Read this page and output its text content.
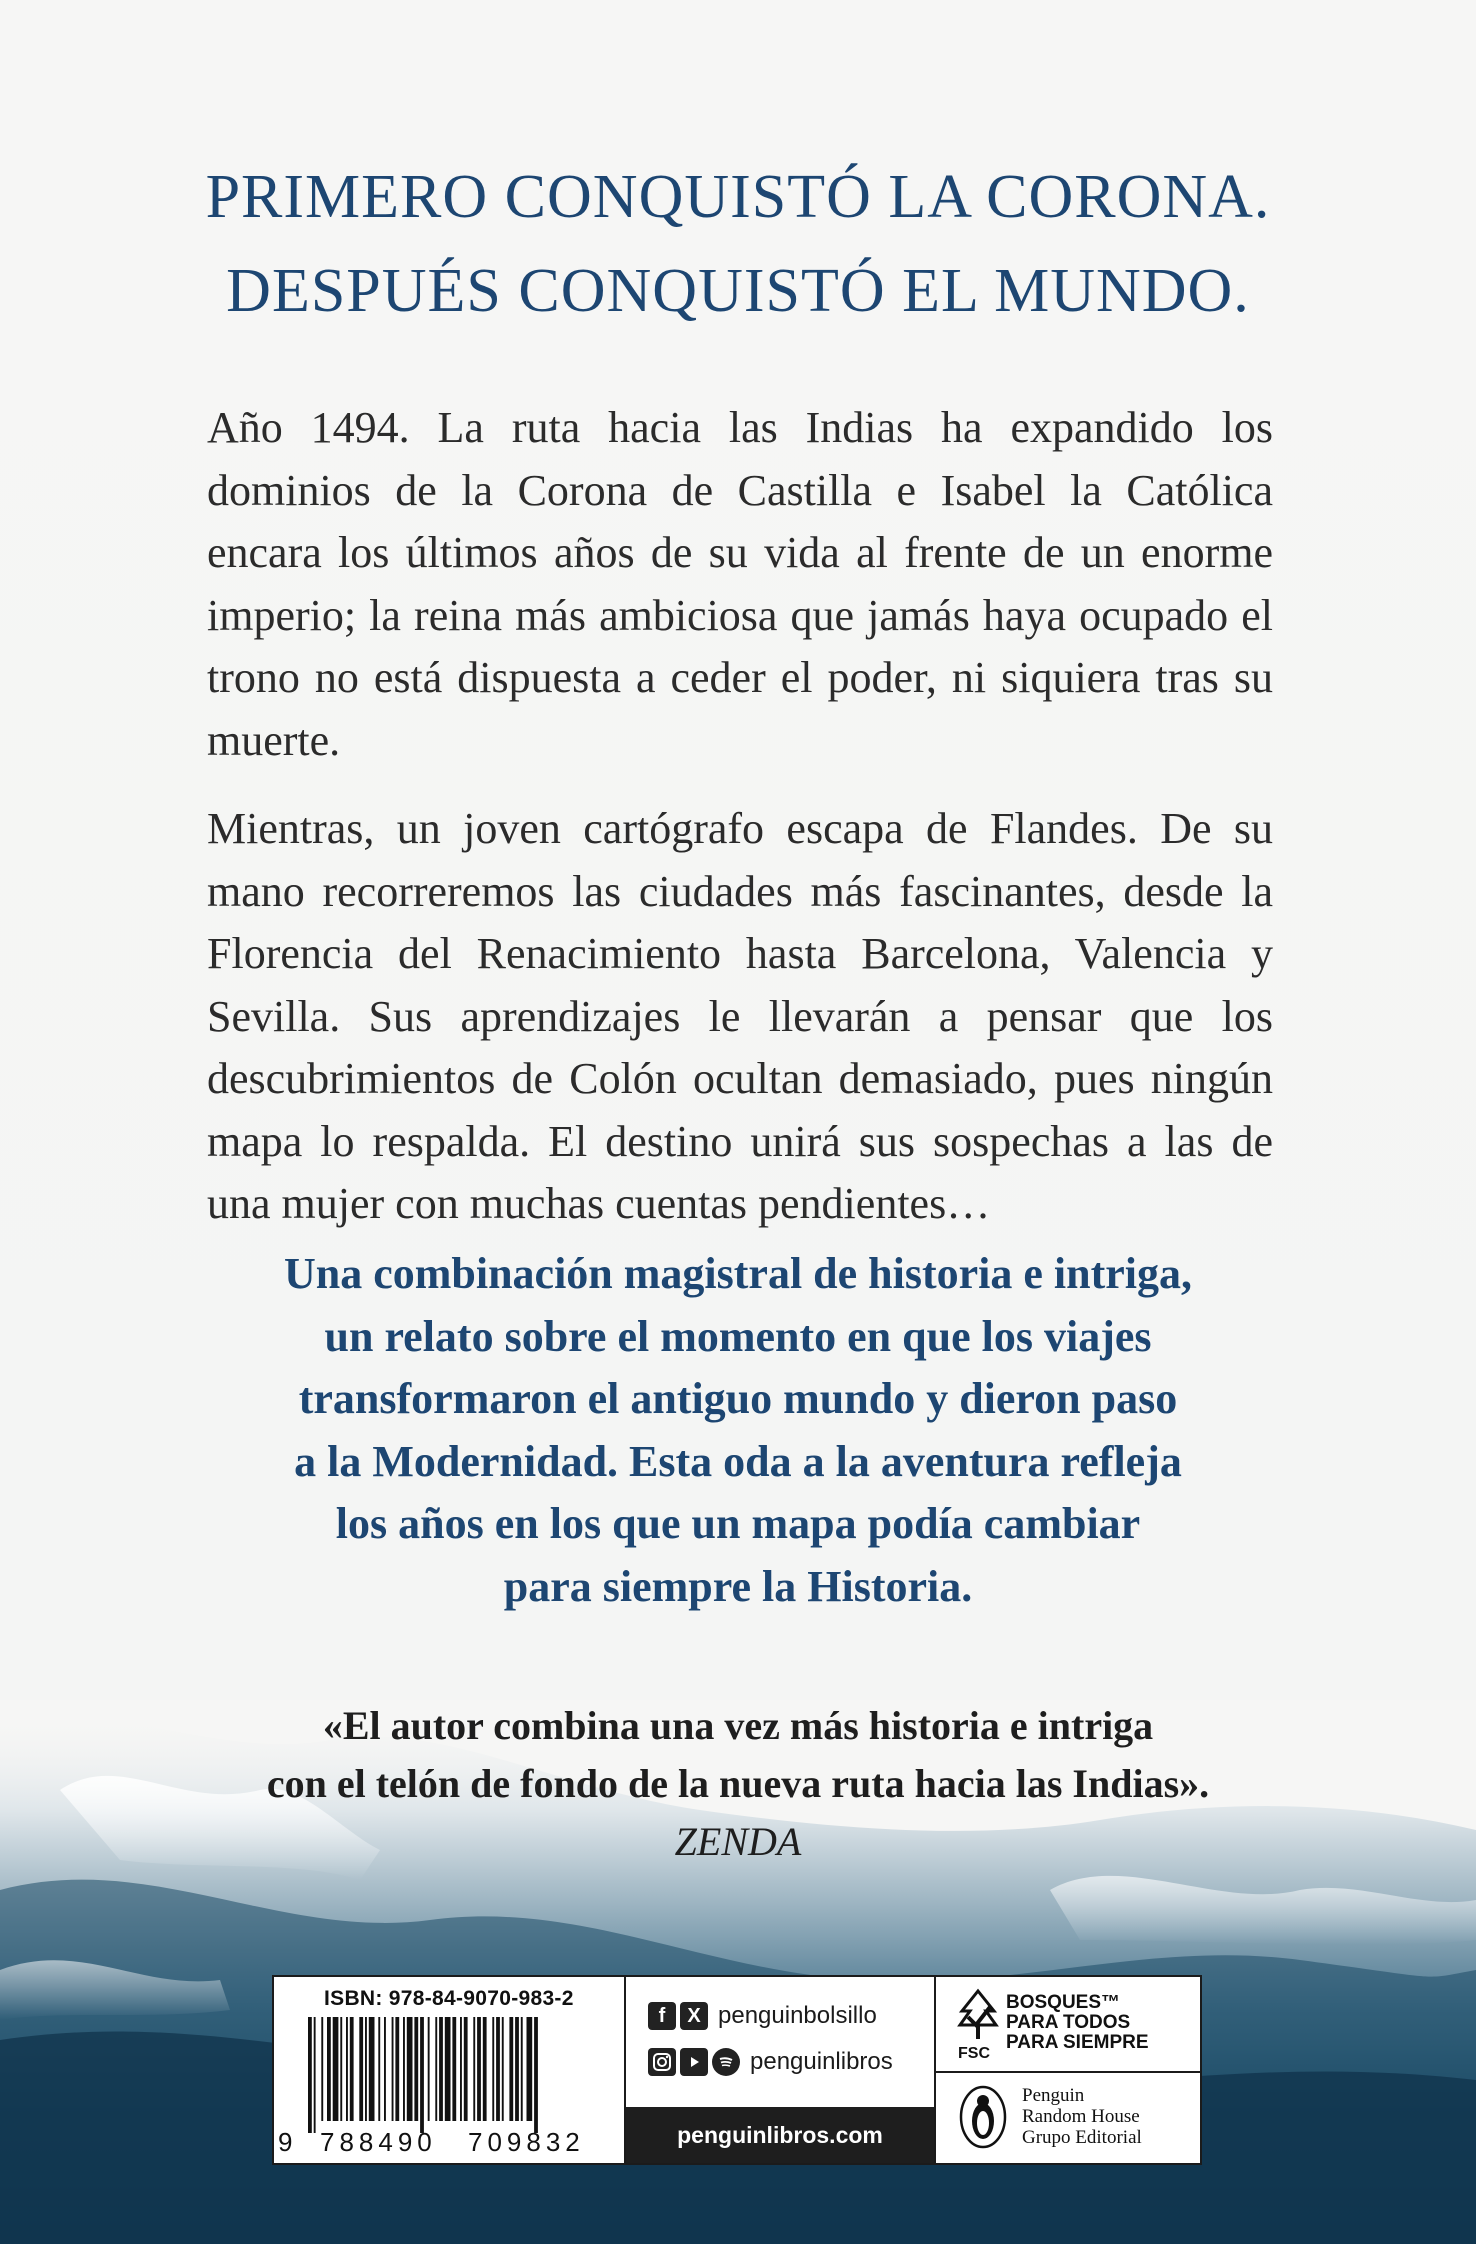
PRIMERO CONQUISTÓ LA CORONA.
DESPUÉS CONQUISTÓ EL MUNDO.

Año 1494. La ruta hacia las Indias ha expandido los dominios de la Corona de Castilla e Isabel la Católica encara los últimos años de su vida al frente de un enorme imperio; la reina más ambiciosa que jamás haya ocupado el trono no está dispuesta a ceder el poder, ni siquiera tras su muerte.

Mientras, un joven cartógrafo escapa de Flandes. De su mano recorreremos las ciudades más fascinantes, desde la Florencia del Renacimiento hasta Barcelona, Valencia y Sevilla. Sus aprendizajes le llevarán a pensar que los descubrimientos de Colón ocultan demasiado, pues ningún mapa lo respalda. El destino unirá sus sospechas a las de una mujer con muchas cuentas pendientes…

Una combinación magistral de historia e intriga,
un relato sobre el momento en que los viajes
transformaron el antiguo mundo y dieron paso
a la Modernidad. Esta oda a la aventura refleja
los años en los que un mapa podía cambiar
para siempre la Historia.
«El autor combina una vez más historia e intriga
con el telón de fondo de la nueva ruta hacia las Indias».
ZENDA
ISBN: 978-84-9070-983-2
9 788490 709832
f	X penguinbolsillo
penguinlibros
penguinlibros.com
FSC
BOSQUES™
PARA TODOS
PARA SIEMPRE
Penguin
Random House
Grupo Editorial
